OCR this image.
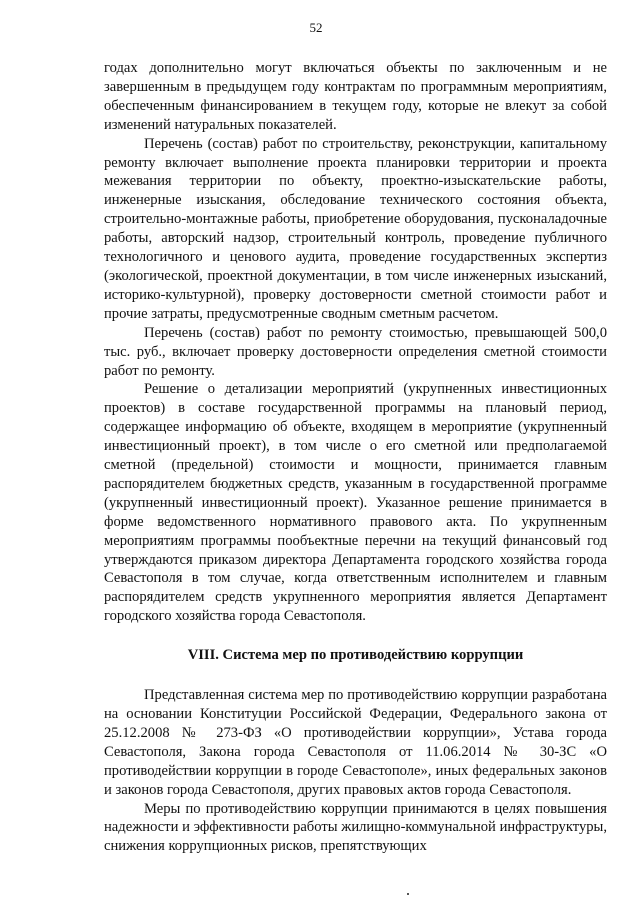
52

годах дополнительно могут включаться объекты по заключенным и не завершенным в предыдущем году контрактам по программным мероприятиям, обеспеченным финансированием в текущем году, которые не влекут за собой изменений натуральных показателей.

Перечень (состав) работ по строительству, реконструкции, капитальному ремонту включает выполнение проекта планировки территории и проекта межевания территории по объекту, проектно-изыскательские работы, инженерные изыскания, обследование технического состояния объекта, строительно-монтажные работы, приобретение оборудования, пусконаладочные работы, авторский надзор, строительный контроль, проведение публичного технологичного и ценового аудита, проведение государственных экспертиз (экологической, проектной документации, в том числе инженерных изысканий, историко-культурной), проверку достоверности сметной стоимости работ и прочие затраты, предусмотренные сводным сметным расчетом.

Перечень (состав) работ по ремонту стоимостью, превышающей 500,0 тыс. руб., включает проверку достоверности определения сметной стоимости работ по ремонту.

Решение о детализации мероприятий (укрупненных инвестиционных проектов) в составе государственной программы на плановый период, содержащее информацию об объекте, входящем в мероприятие (укрупненный инвестиционный проект), в том числе о его сметной или предполагаемой сметной (предельной) стоимости и мощности, принимается главным распорядителем бюджетных средств, указанным в государственной программе (укрупненный инвестиционный проект). Указанное решение принимается в форме ведомственного нормативного правового акта. По укрупненным мероприятиям программы пообъектные перечни на текущий финансовый год утверждаются приказом директора Департамента городского хозяйства города Севастополя в том случае, когда ответственным исполнителем и главным распорядителем средств укрупненного мероприятия является Департамент городского хозяйства города Севастополя.

VIII. Система мер по противодействию коррупции

Представленная система мер по противодействию коррупции разработана на основании Конституции Российской Федерации, Федерального закона от 25.12.2008 № 273-ФЗ «О противодействии коррупции», Устава города Севастополя, Закона города Севастополя от 11.06.2014 № 30-ЗС «О противодействии коррупции в городе Севастополе», иных федеральных законов и законов города Севастополя, других правовых актов города Севастополя.

Меры по противодействию коррупции принимаются в целях повышения надежности и эффективности работы жилищно-коммунальной инфраструктуры, снижения коррупционных рисков, препятствующих
